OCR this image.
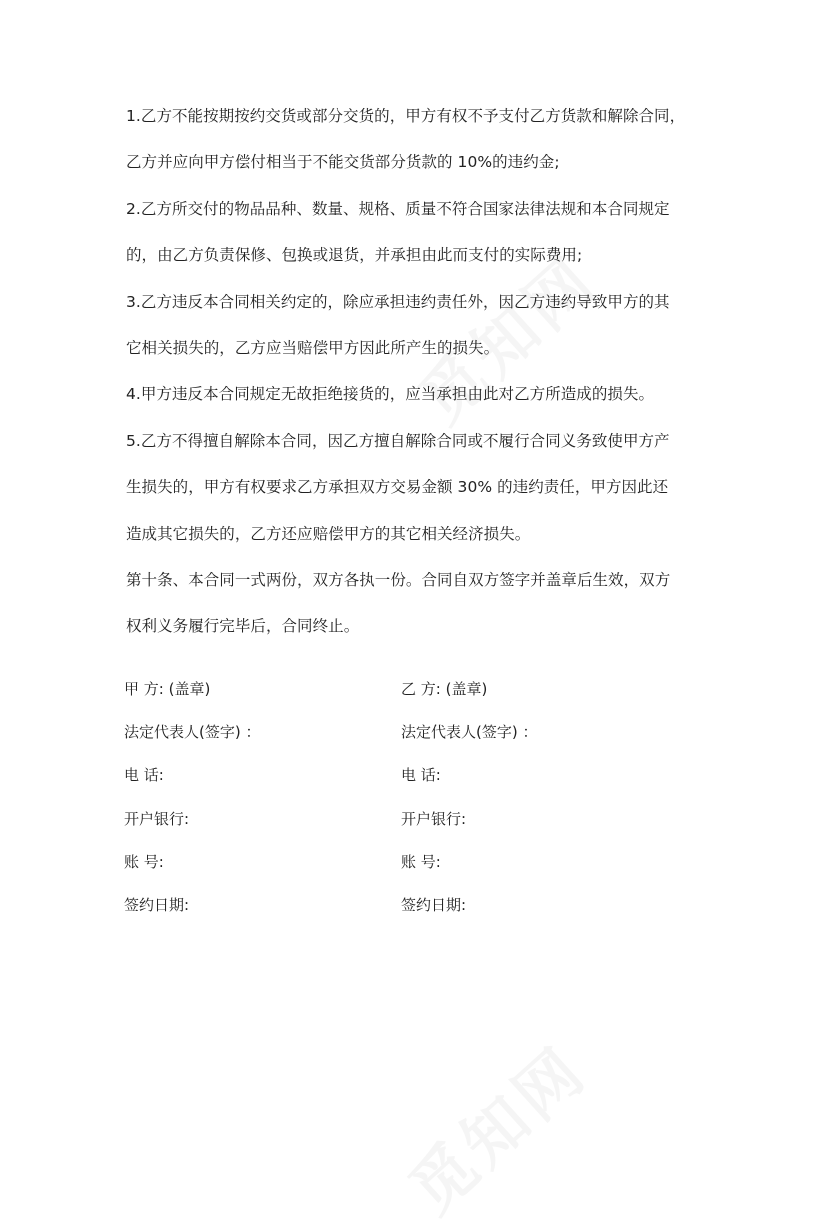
1.乙方不能按期按约交货或部分交货的，甲方有权不予支付乙方货款和解除合同，
乙方并应向甲方偿付相当于不能交货部分货款的 10%的违约金;
2.乙方所交付的物品品种、数量、规格、质量不符合国家法律法规和本合同规定
的，由乙方负责保修、包换或退货，并承担由此而支付的实际费用;
3.乙方违反本合同相关约定的，除应承担违约责任外，因乙方违约导致甲方的其
它相关损失的，乙方应当赔偿甲方因此所产生的损失。
4.甲方违反本合同规定无故拒绝接货的，应当承担由此对乙方所造成的损失。
5.乙方不得擅自解除本合同，因乙方擅自解除合同或不履行合同义务致使甲方产
生损失的，甲方有权要求乙方承担双方交易金额 30% 的违约责任，甲方因此还
造成其它损失的，乙方还应赔偿甲方的其它相关经济损失。
第十条、本合同一式两份，双方各执一份。合同自双方签字并盖章后生效，双方
权利义务履行完毕后，合同终止。
甲 方: (盖章)	乙 方: (盖章)
法定代表人(签字) ：	法定代表人(签字) ：
电 话:	电 话:
开户银行:	开户银行:
账 号:	账 号:
签约日期:	签约日期:
